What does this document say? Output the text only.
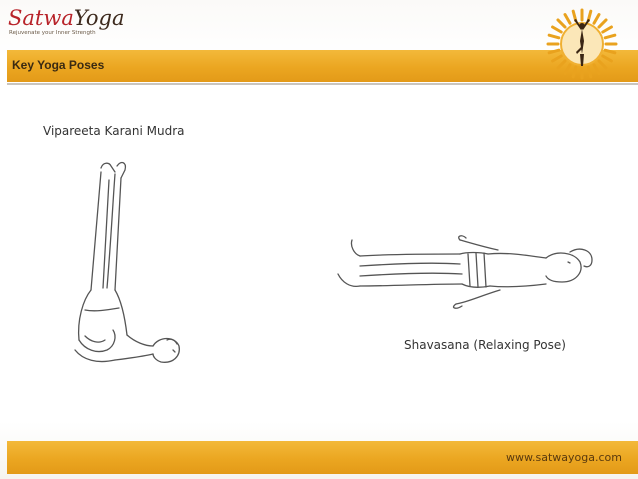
SatwaYoga
Rejuvenate your Inner Strength
Key Yoga Poses
Vipareeta Karani Mudra
Shavasana (Relaxing Pose)
www.satwayoga.com
